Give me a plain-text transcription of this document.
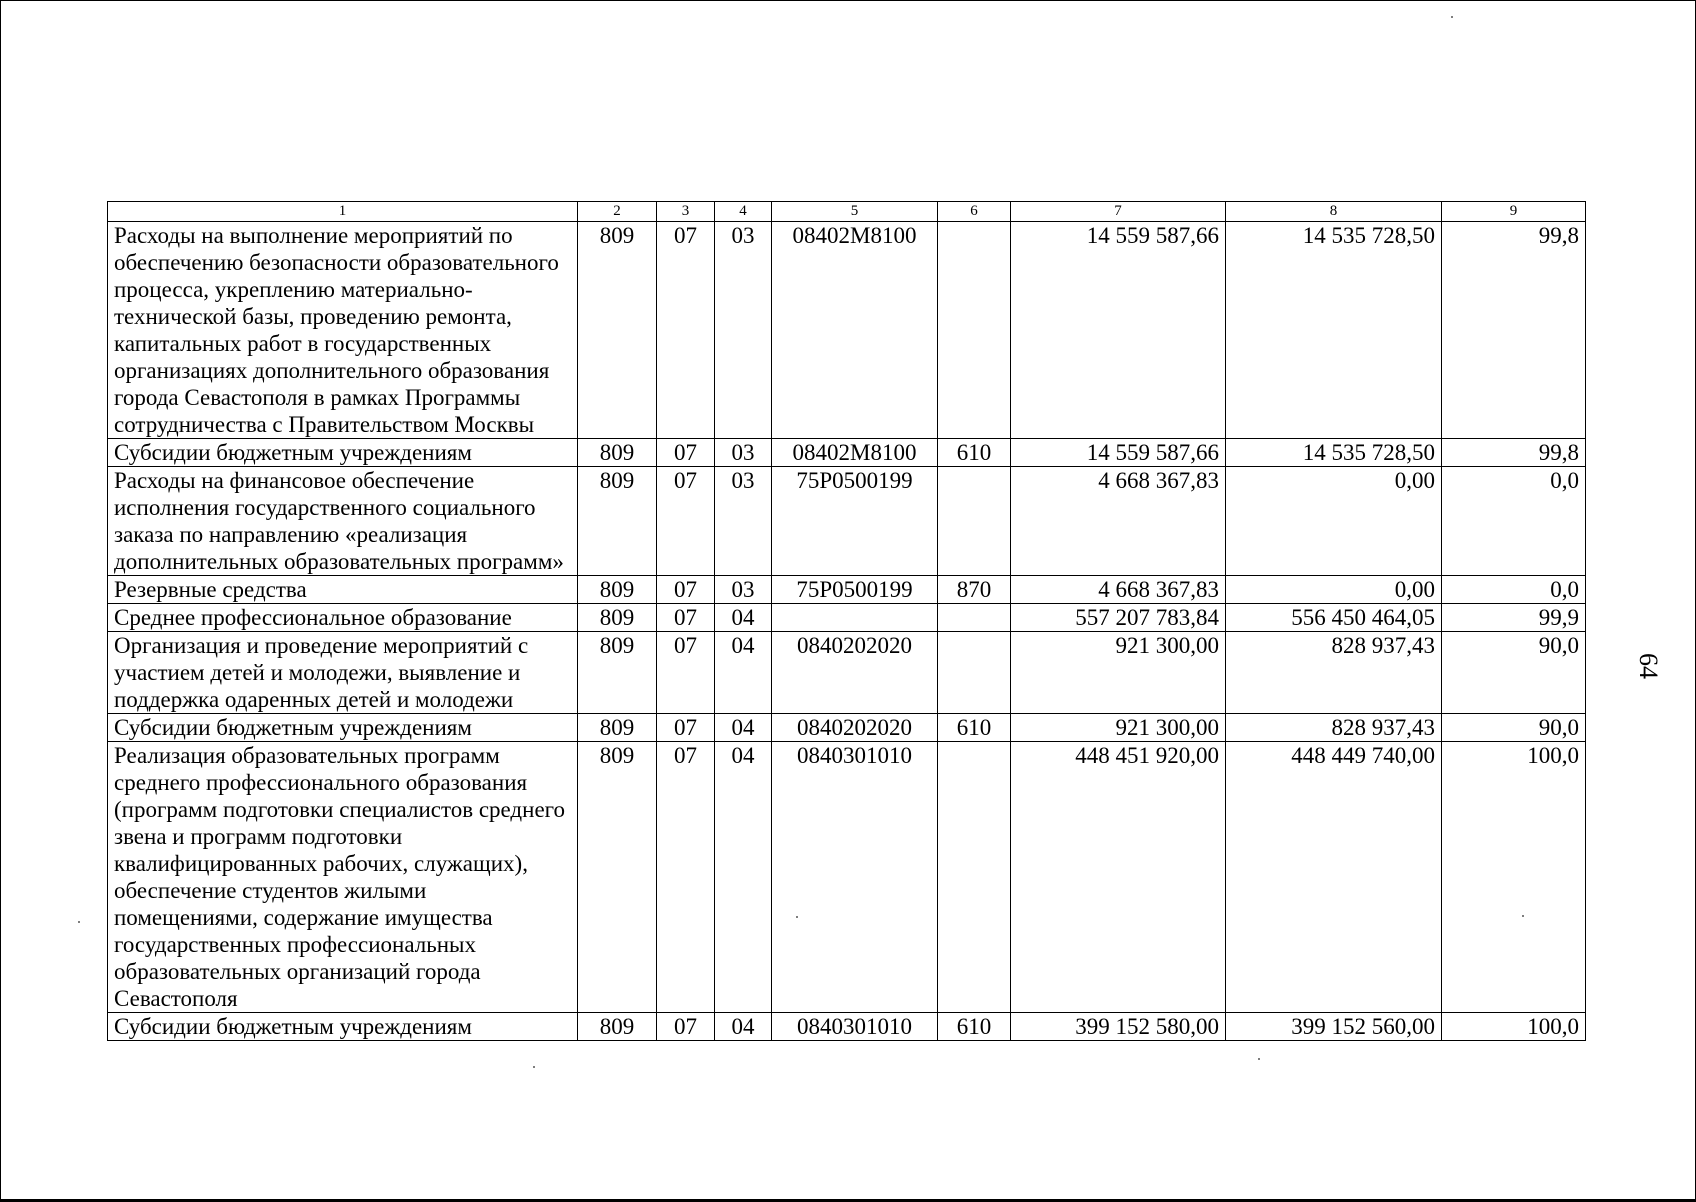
1	2	3	4	5	6	7	8	9
Расходы на выполнение мероприятий по обеспечению безопасности образовательного процесса, укреплению материально-технической базы, проведению ремонта, капитальных работ в государственных организациях дополнительного образования города Севастополя в рамках Программы сотрудничества с Правительством Москвы	809	07	03	08402M8100		14 559 587,66	14 535 728,50	99,8
Субсидии бюджетным учреждениям	809	07	03	08402M8100	610	14 559 587,66	14 535 728,50	99,8
Расходы на финансовое обеспечение исполнения государственного социального заказа по направлению «реализация дополнительных образовательных программ»	809	07	03	75P0500199		4 668 367,83	0,00	0,0
Резервные средства	809	07	03	75P0500199	870	4 668 367,83	0,00	0,0
Среднее профессиональное образование	809	07	04			557 207 783,84	556 450 464,05	99,9
Организация и проведение мероприятий с участием детей и молодежи, выявление и поддержка одаренных детей и молодежи	809	07	04	0840202020		921 300,00	828 937,43	90,0
Субсидии бюджетным учреждениям	809	07	04	0840202020	610	921 300,00	828 937,43	90,0
Реализация образовательных программ среднего профессионального образования (программ подготовки специалистов среднего звена и программ подготовки квалифицированных рабочих, служащих), обеспечение студентов жилыми помещениями, содержание имущества государственных профессиональных образовательных организаций города Севастополя	809	07	04	0840301010		448 451 920,00	448 449 740,00	100,0
Субсидии бюджетным учреждениям	809	07	04	0840301010	610	399 152 580,00	399 152 560,00	100,0
64
